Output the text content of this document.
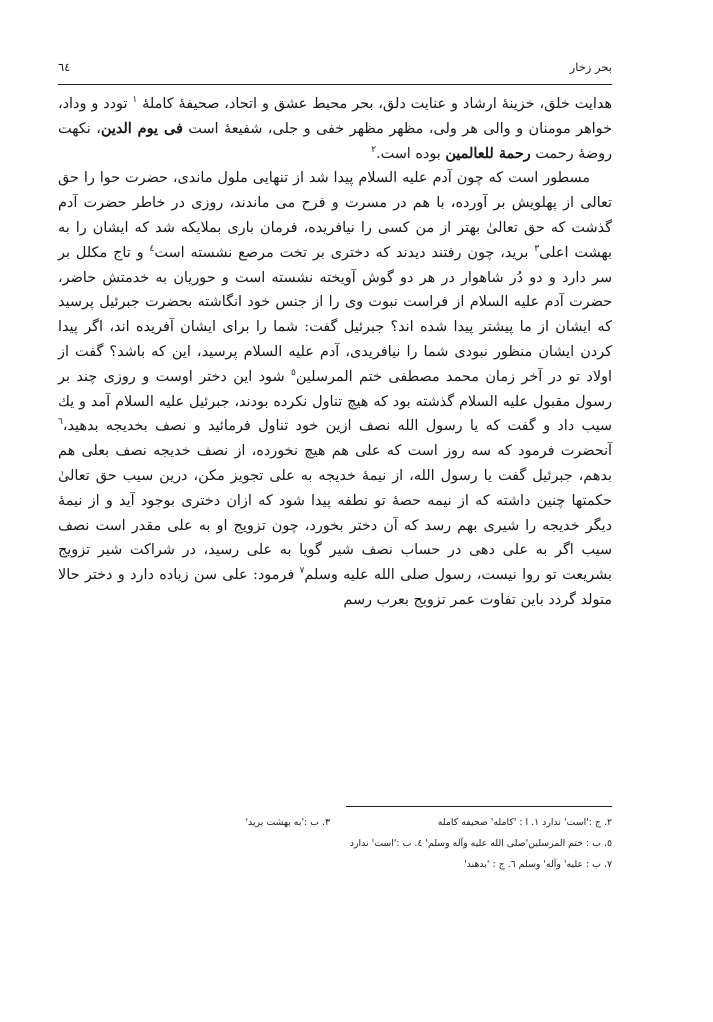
٦٤	بحر زخار

هدايت خلق، خزينهٔ ارشاد و عنايت دلق، بحر محيط عشق و اتحاد، صحيفهٔ كاملهٔ $^١$ تودد و وداد، خواهر مومنان و والی هر ولی، مظهر مظهر خفی و جلی، شفيعهٔ است فی يوم الدين، نكهت روضهٔ رحمت رحمة للعالمين بوده است.$^٢$

مسطور است كه چون آدم عليه السلام پيدا شد از تنهايی ملول ماندی، حضرت حوا را حق تعالی از پهلويش بر آورده، با هم در مسرت و فرح می ماندند، روزی در خاطر حضرت آدم گذشت كه حق تعالیٰ بهتر از من كسی را نيافريده، فرمان باری بملايكه شد كه ايشان را به بهشت اعلی$^٣$ بريد، چون رفتند ديدند كه دختری بر تخت مرصع نشسته است$^٤$ و تاج مكلل بر سر دارد و دو دُر شاهوار در هر دو گوش آويخته نشسته است و حوريان به خدمتش حاضر، حضرت آدم عليه السلام از فراست نبوت وی را از جنس خود انگاشته بحضرت جبرئيل پرسيد كه ايشان از ما پيشتر پيدا شده اند؟ جبرئيل گفت: شما را برای ايشان آفريده اند، اگر پيدا كردن ايشان منظور نبودی شما را نيافريدی، آدم عليه السلام پرسيد، اين كه باشد؟ گفت از اولاد تو در آخر زمان محمد مصطفی ختم المرسلين$^٥$ شود اين دختر اوست و روزی چند بر رسول مقبول عليه السلام گذشته بود كه هيچ تناول نكرده بودند، جبرئيل عليه السلام آمد و يك سيب داد و گفت كه يا رسول الله نصف ازين خود تناول فرمائيد و نصف بخديجه بدهيد،$^٦$ آنحضرت فرمود كه سه روز است كه علی هم هيچ نخورده، از نصف خديجه نصف بعلی هم بدهم، جبرئيل گفت يا رسول الله، از نيمهٔ خديجه به علی تجويز مكن، درين سيب حق تعالیٰ حكمتها چنين داشته كه از نيمه حصهٔ تو نطفه پيدا شود كه ازان دختری بوجود آيد و از نيمهٔ ديگر خديجه را شيری بهم رسد كه آن دختر بخورد، چون تزويج او به علی مقدر است نصف سيب اگر به علی دهی در حساب نصف شير گويا به علی رسيد، در شراكت شير تزويج بشريعت تو روا نيست، رسول صلی الله عليه وسلم$^٧$ فرمود: علی سن زياده دارد و دختر حالا متولد گردد باين تفاوت عمر تزويج بعرب رسم

٢. ج :'است' ندارد ١. ا : 'كامله' صحيفه كامله
٣. ب :'به بهشت بريد'
٥. ب : ختم المرسلين'صلی الله عليه وآله وسلم' ٤. ب :'است' ندارد
٧. ب : عليه' وآله' وسلم ٦. ج : 'بدهند'
